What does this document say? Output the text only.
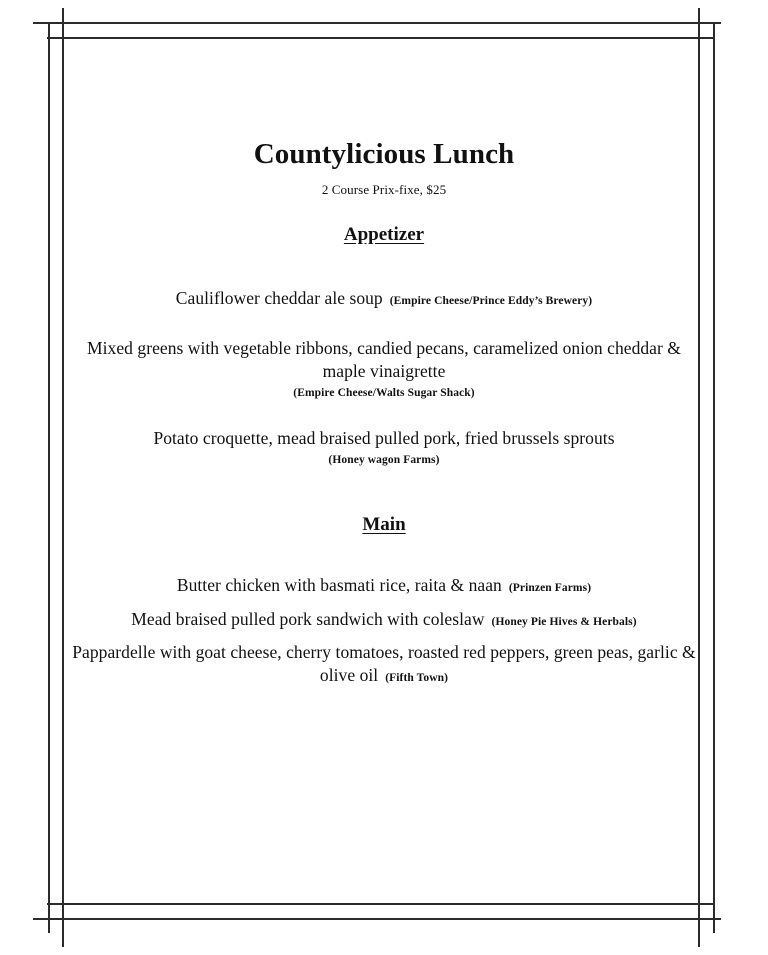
Countylicious Lunch

2 Course Prix-fixe, $25

Appetizer
Cauliflower cheddar ale soup (Empire Cheese/Prince Eddy’s Brewery)
Mixed greens with vegetable ribbons, candied pecans, caramelized onion cheddar & maple vinaigrette
(Empire Cheese/Walts Sugar Shack)
Potato croquette, mead braised pulled pork, fried brussels sprouts
(Honey wagon Farms)
Main
Butter chicken with basmati rice, raita & naan (Prinzen Farms)
Mead braised pulled pork sandwich with coleslaw (Honey Pie Hives & Herbals)
Pappardelle with goat cheese, cherry tomatoes, roasted red peppers, green peas, garlic & olive oil (Fifth Town)
